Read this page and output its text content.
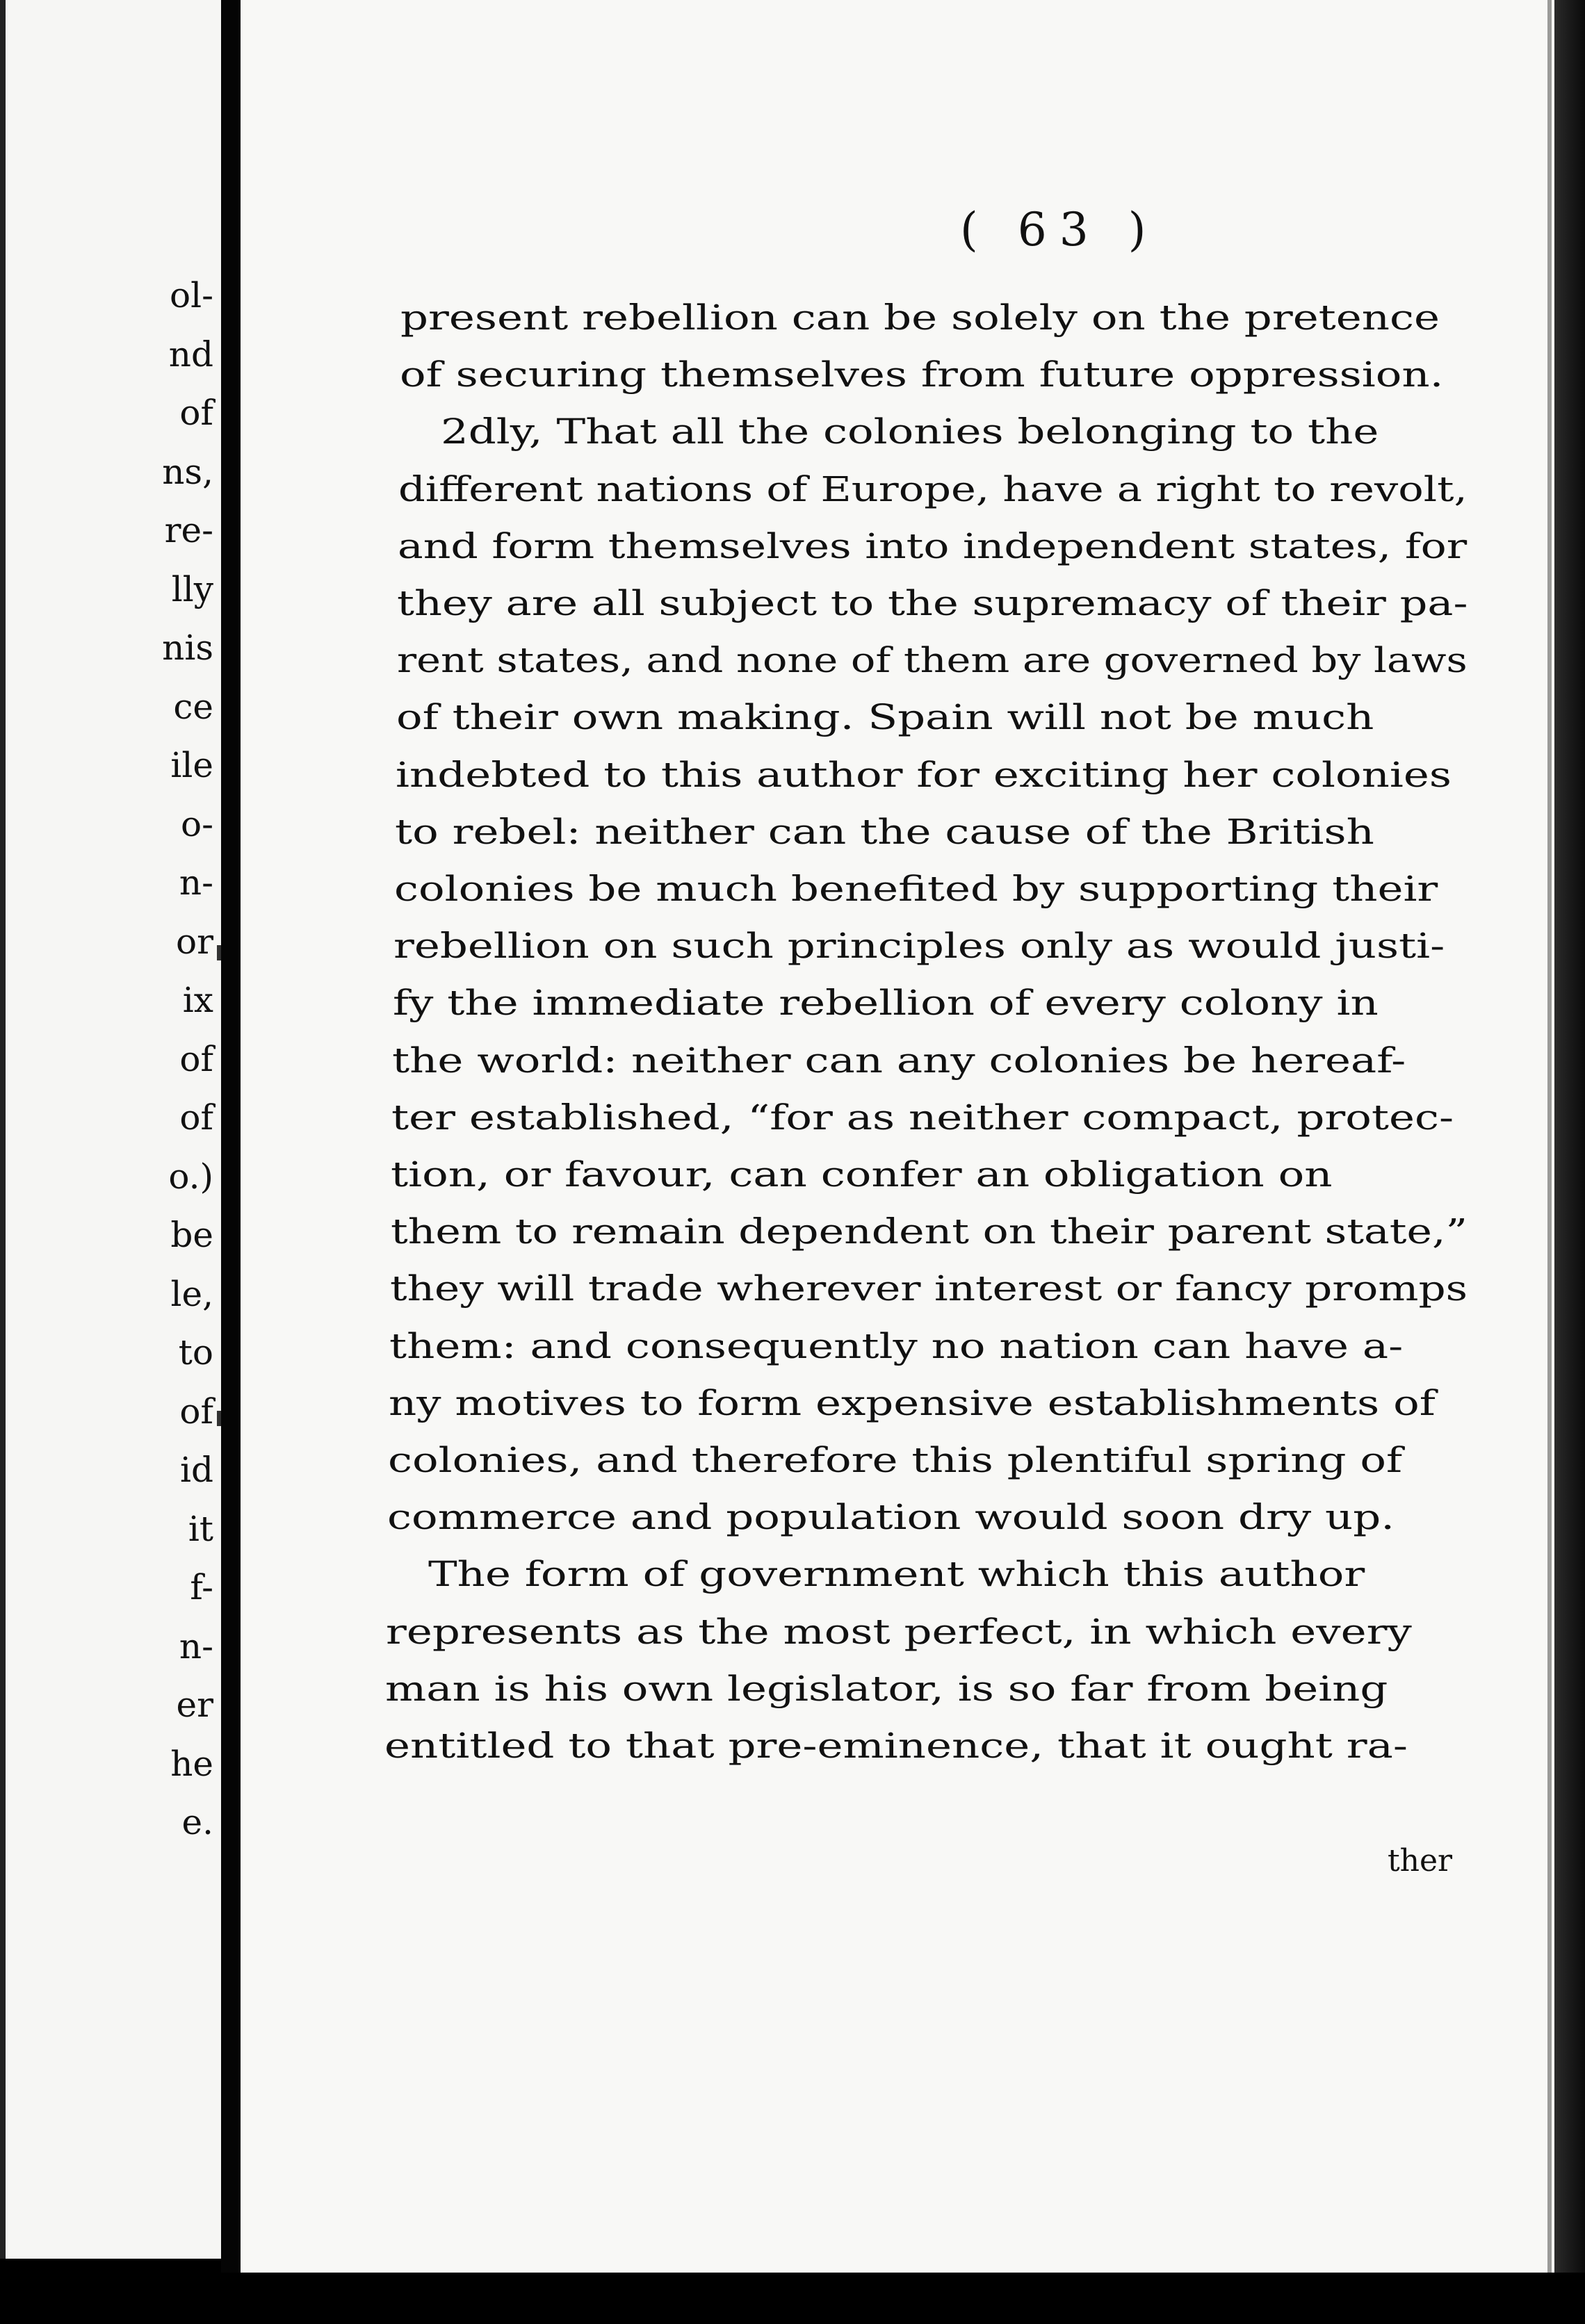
ol-
nd
of
ns,
re-
lly
nis
ce
ile
o-
n-
or
ix
of
of
o.)
be
le,
to
of
id
it
f-
n-
er
he
e.
( 63 )
present rebellion can be solely on the pretence
of securing themselves from future oppression.
2dly, That all the colonies belonging to the
different nations of Europe, have a right to revolt,
and form themselves into independent states, for
they are all subject to the supremacy of their pa-
rent states, and none of them are governed by laws
of their own making. Spain will not be much
indebted to this author for exciting her colonies
to rebel: neither can the cause of the British
colonies be much benefited by supporting their
rebellion on such principles only as would justi-
fy the immediate rebellion of every colony in
the world: neither can any colonies be hereaf-
ter established, “for as neither compact, protec-
tion, or favour, can confer an obligation on
them to remain dependent on their parent state,”
they will trade wherever interest or fancy promps
them: and consequently no nation can have a-
ny motives to form expensive establishments of
colonies, and therefore this plentiful spring of
commerce and population would soon dry up.
The form of government which this author
represents as the most perfect, in which every
man is his own legislator, is so far from being
entitled to that pre-eminence, that it ought ra-
ther
